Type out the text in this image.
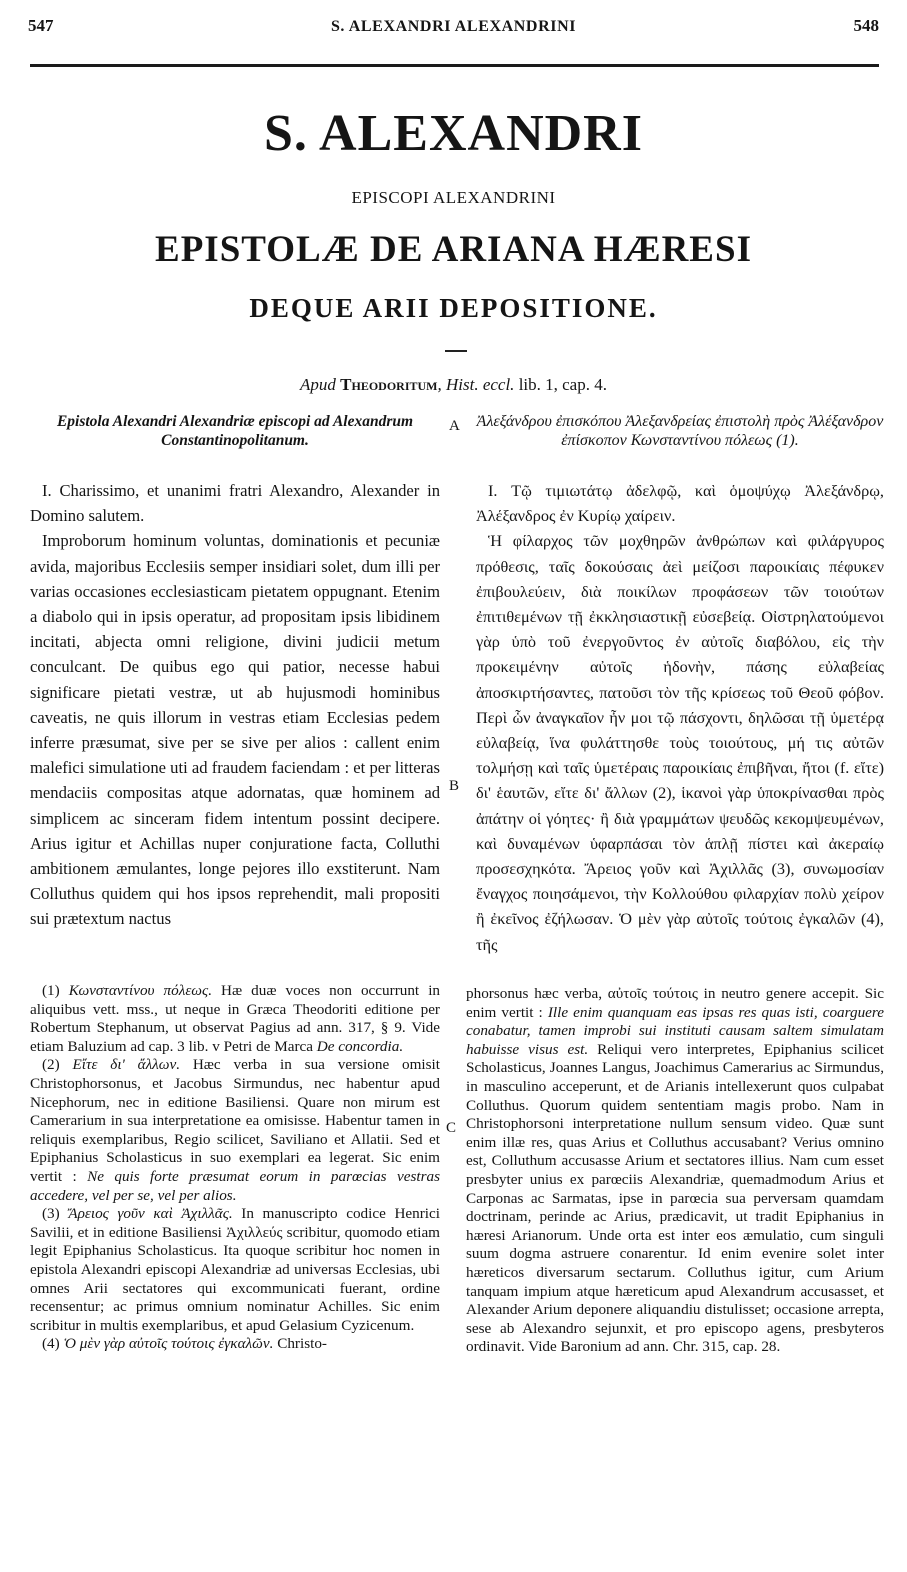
547	S. ALEXANDRI ALEXANDRINI	548
S. ALEXANDRI
EPISCOPI ALEXANDRINI
EPISTOLÆ DE ARIANA HÆRESI
DEQUE ARII DEPOSITIONE.
Apud Theodoritum, Hist. eccl. lib. 1, cap. 4.
Epistola Alexandri Alexandriæ episcopi ad Alexandrum Constantinopolitanum.
Ἀλεξάνδρου ἐπισκόπου Ἀλεξανδρείας ἐπιστολὴ πρὸς Ἀλέξανδρον ἐπίσκοπον Κωνσταντίνου πόλεως (1).
A
B
C

I. Charissimo, et unanimi fratri Alexandro, Alexander in Domino salutem.

Improborum hominum voluntas, dominationis et pecuniæ avida, majoribus Ecclesiis semper insidiari solet, dum illi per varias occasiones ecclesiasticam pietatem oppugnant. Etenim a diabolo qui in ipsis operatur, ad propositam ipsis libidinem incitati, abjecta omni religione, divini judicii metum conculcant. De quibus ego qui patior, necesse habui significare pietati vestræ, ut ab hujusmodi hominibus caveatis, ne quis illorum in vestras etiam Ecclesias pedem inferre præsumat, sive per se sive per alios : callent enim malefici simulatione uti ad fraudem faciendam : et per litteras mendaciis compositas atque adornatas, quæ hominem ad simplicem ac sinceram fidem intentum possint decipere. Arius igitur et Achillas nuper conjuratione facta, Colluthi ambitionem æmulantes, longe pejores illo exstiterunt. Nam Colluthus quidem qui hos ipsos reprehendit, mali propositi sui prætextum nactus

I. Τῷ τιμιωτάτῳ ἀδελφῷ, καὶ ὁμοψύχῳ Ἀλεξάνδρῳ, Ἀλέξανδρος ἐν Κυρίῳ χαίρειν.

Ἡ φίλαρχος τῶν μοχθηρῶν ἀνθρώπων καὶ φιλάργυρος πρόθεσις, ταῖς δοκούσαις ἀεὶ μείζοσι παροικίαις πέφυκεν ἐπιβουλεύειν, διὰ ποικίλων προφάσεων τῶν τοιούτων ἐπιτιθεμένων τῇ ἐκκλησιαστικῇ εὐσεβείᾳ. Οἰστρηλατούμενοι γὰρ ὑπὸ τοῦ ἐνεργοῦντος ἐν αὐτοῖς διαβόλου, εἰς τὴν προκειμένην αὐτοῖς ἡδονὴν, πάσης εὐλαβείας ἀποσκιρτήσαντες, πατοῦσι τὸν τῆς κρίσεως τοῦ Θεοῦ φόβον. Περὶ ὧν ἀναγκαῖον ἦν μοι τῷ πάσχοντι, δηλῶσαι τῇ ὑμετέρᾳ εὐλαβείᾳ, ἵνα φυλάττησθε τοὺς τοιούτους, μή τις αὐτῶν τολμήσῃ καὶ ταῖς ὑμετέραις παροικίαις ἐπιβῆναι, ἤτοι (f. εἴτε) δι' ἑαυτῶν, εἴτε δι' ἄλλων (2), ἱκανοὶ γὰρ ὑποκρίνασθαι πρὸς ἀπάτην οἱ γόητες· ἢ διὰ γραμμάτων ψευδῶς κεκομψευμένων, καὶ δυναμένων ὑφαρπάσαι τὸν ἁπλῇ πίστει καὶ ἀκεραίῳ προσεσχηκότα. Ἄρειος γοῦν καὶ Ἀχιλλᾶς (3), συνωμοσίαν ἔναγχος ποιησάμενοι, τὴν Κολλούθου φιλαρχίαν πολὺ χείρον ἢ ἐκεῖνος ἐζήλωσαν. Ὁ μὲν γὰρ αὐτοῖς τούτοις ἐγκαλῶν (4), τῆς

(1) Κωνσταντίνου πόλεως. Hæ duæ voces non occurrunt in aliquibus vett. mss., ut neque in Græca Theodoriti editione per Robertum Stephanum, ut observat Pagius ad ann. 317, § 9. Vide etiam Baluzium ad cap. 3 lib. v Petri de Marca De concordia.

(2) Εἴτε δι' ἄλλων. Hæc verba in sua versione omisit Christophorsonus, et Jacobus Sirmundus, nec habentur apud Nicephorum, nec in editione Basiliensi. Quare non mirum est Camerarium in sua interpretatione ea omisisse. Habentur tamen in reliquis exemplaribus, Regio scilicet, Saviliano et Allatii. Sed et Epiphanius Scholasticus in suo exemplari ea legerat. Sic enim vertit : Ne quis forte præsumat eorum in parœcias vestras accedere, vel per se, vel per alios.

(3) Ἄρειος γοῦν καὶ Ἀχιλλᾶς. In manuscripto codice Henrici Savilii, et in editione Basiliensi Ἀχιλλεύς scribitur, quomodo etiam legit Epiphanius Scholasticus. Ita quoque scribitur hoc nomen in epistola Alexandri episcopi Alexandriæ ad universas Ecclesias, ubi omnes Arii sectatores qui excommunicati fuerant, ordine recensentur; ac primus omnium nominatur Achilles. Sic enim scribitur in multis exemplaribus, et apud Gelasium Cyzicenum.

(4) Ὁ μὲν γὰρ αὐτοῖς τούτοις ἐγκαλῶν. Christo-

phorsonus hæc verba, αὐτοῖς τούτοις in neutro genere accepit. Sic enim vertit : Ille enim quanquam eas ipsas res quas isti, coarguere conabatur, tamen improbi sui instituti causam saltem simulatam habuisse visus est. Reliqui vero interpretes, Epiphanius scilicet Scholasticus, Joannes Langus, Joachimus Camerarius ac Sirmundus, in masculino acceperunt, et de Arianis intellexerunt quos culpabat Colluthus. Quorum quidem sententiam magis probo. Nam in Christophorsoni interpretatione nullum sensum video. Quæ sunt enim illæ res, quas Arius et Colluthus accusabant? Verius omnino est, Colluthum accusasse Arium et sectatores illius. Nam cum esset presbyter unius ex parœciis Alexandriæ, quemadmodum Arius et Carponas ac Sarmatas, ipse in parœcia sua perversam quamdam doctrinam, perinde ac Arius, prædicavit, ut tradit Epiphanius in hæresi Arianorum. Unde orta est inter eos æmulatio, cum singuli suum dogma astruere conarentur. Id enim evenire solet inter hæreticos diversarum sectarum. Colluthus igitur, cum Arium tanquam impium atque hæreticum apud Alexandrum accusasset, et Alexander Arium deponere aliquandiu distulisset; occasione arrepta, sese ab Alexandro sejunxit, et pro episcopo agens, presbyteros ordinavit. Vide Baronium ad ann. Chr. 315, cap. 28.
